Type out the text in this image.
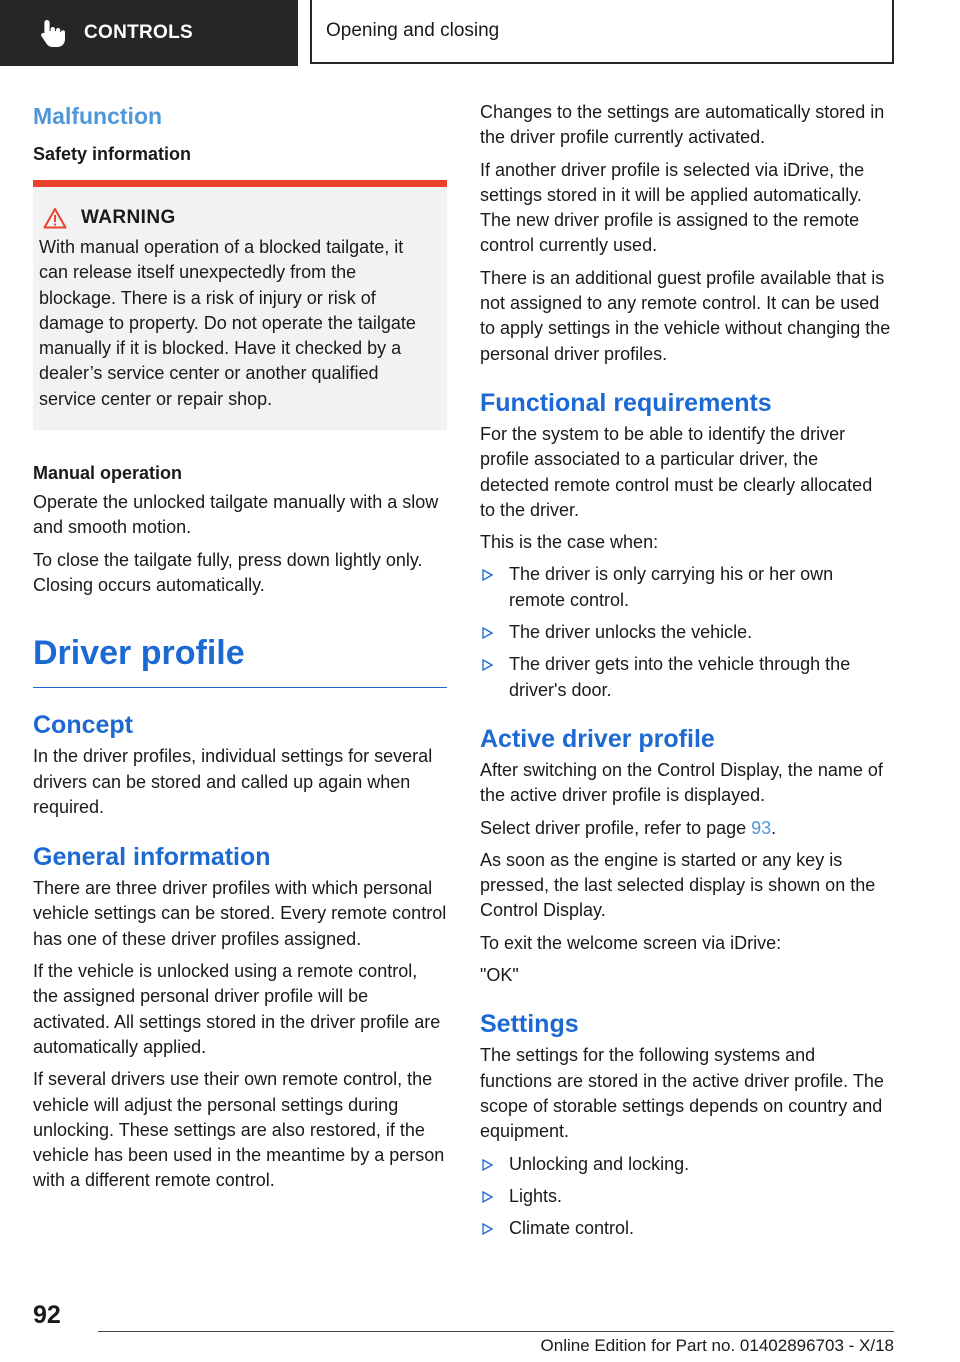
CONTROLS	Opening and closing
Malfunction
Safety information
WARNING

With manual operation of a blocked tailgate, it can release itself unexpectedly from the blockage. There is a risk of injury or risk of damage to property. Do not operate the tailgate manually if it is blocked. Have it checked by a dealer’s service center or another qualified service center or repair shop.

Manual operation

Operate the unlocked tailgate manually with a slow and smooth motion.

To close the tailgate fully, press down lightly only. Closing occurs automatically.

Driver profile
Concept

In the driver profiles, individual settings for several drivers can be stored and called up again when required.

General information

There are three driver profiles with which personal vehicle settings can be stored. Every remote control has one of these driver profiles assigned.

If the vehicle is unlocked using a remote control, the assigned personal driver profile will be activated. All settings stored in the driver profile are automatically applied.

If several drivers use their own remote control, the vehicle will adjust the personal settings during unlocking. These settings are also restored, if the vehicle has been used in the meantime by a person with a different remote control.

Changes to the settings are automatically stored in the driver profile currently activated.

If another driver profile is selected via iDrive, the settings stored in it will be applied automatically. The new driver profile is assigned to the remote control currently used.

There is an additional guest profile available that is not assigned to any remote control. It can be used to apply settings in the vehicle without changing the personal driver profiles.

Functional requirements

For the system to be able to identify the driver profile associated to a particular driver, the detected remote control must be clearly allocated to the driver.

This is the case when:

The driver is only carrying his or her own remote control.
The driver unlocks the vehicle.
The driver gets into the vehicle through the driver's door.
Active driver profile

After switching on the Control Display, the name of the active driver profile is displayed.

Select driver profile, refer to page 93.

As soon as the engine is started or any key is pressed, the last selected display is shown on the Control Display.

To exit the welcome screen via iDrive:

"OK"

Settings

The settings for the following systems and functions are stored in the active driver profile. The scope of storable settings depends on country and equipment.

Unlocking and locking.
Lights.
Climate control.
92
Online Edition for Part no. 01402896703 - X/18
